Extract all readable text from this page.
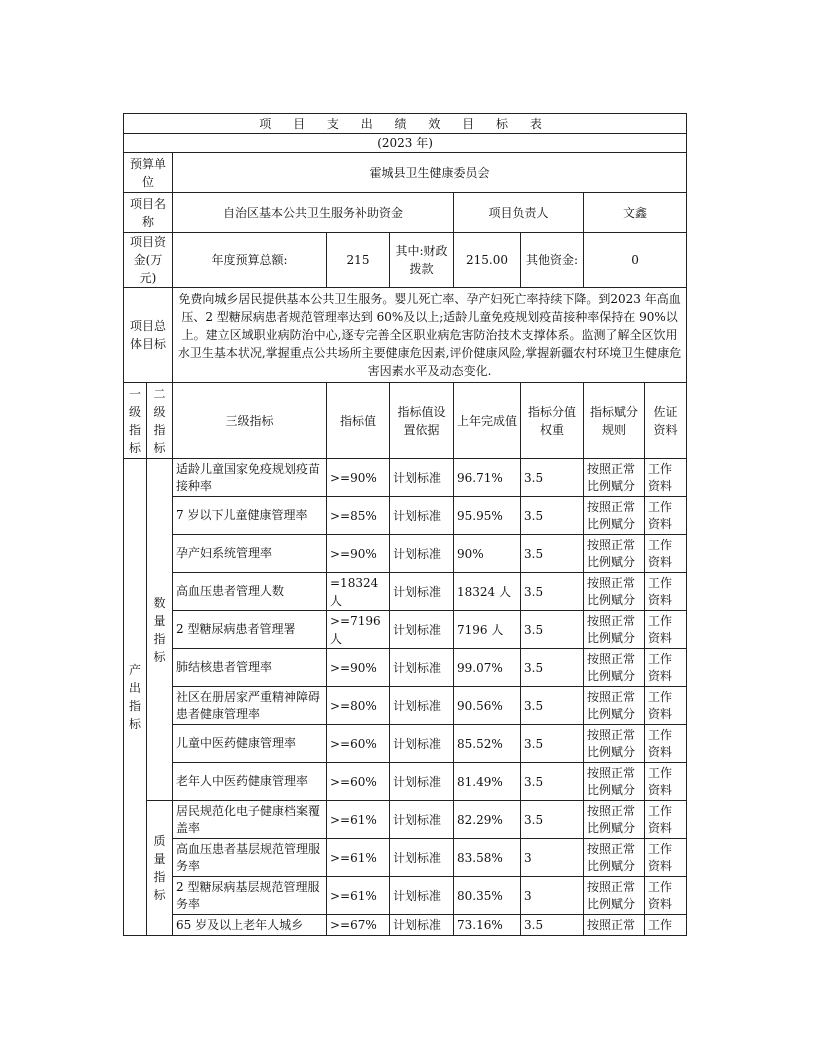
项 目 支 出 绩 效 目 标 表								
(2023 年)								
预算单位		霍城县卫生健康委员会						
项目名称		自治区基本公共卫生服务补助资金			项目负责人		文鑫	
项目资金(万元)		年度预算总额:	215	其中:财政拨款	215.00	其他资金:	0	
项目总体目标		免费向城乡居民提供基本公共卫生服务。婴儿死亡率、孕产妇死亡率持续下降。到2023 年高血压、2 型糖尿病患者规范管理率达到 60%及以上;适龄儿童免疫规划疫苗接种率保持在 90%以上。建立区域职业病防治中心,逐专完善全区职业病危害防治技术支撑体系。监测了解全区饮用水卫生基本状况,掌握重点公共场所主要健康危因素,评价健康风险,掌握新疆农村环境卫生健康危害因素水平及动态变化.						

一级指标	二级指标	三级指标	指标值	指标值设置依据	上年完成值	指标分值权重	指标赋分规则	佐证资料

产出指标	数量指标	适龄儿童国家免疫规划疫苗接种率	>=90%	计划标准	96.71%	3.5	按照正常比例赋分	工作资料
		7 岁以下儿童健康管理率	>=85%	计划标准	95.95%	3.5	按照正常比例赋分	工作资料
		孕产妇系统管理率	>=90%	计划标准	90%	3.5	按照正常比例赋分	工作资料
		高血压患者管理人数	=18324 人	计划标准	18324 人	3.5	按照正常比例赋分	工作资料
		2 型糖尿病患者管理署	>=7196 人	计划标准	7196 人	3.5	按照正常比例赋分	工作资料
		肺结核患者管理率	>=90%	计划标准	99.07%	3.5	按照正常比例赋分	工作资料
		社区在册居家严重精神障碍患者健康管理率	>=80%	计划标准	90.56%	3.5	按照正常比例赋分	工作资料
		儿童中医药健康管理率	>=60%	计划标准	85.52%	3.5	按照正常比例赋分	工作资料
		老年人中医药健康管理率	>=60%	计划标准	81.49%	3.5	按照正常比例赋分	工作资料

	质量指标	居民规范化电子健康档案覆盖率	>=61%	计划标准	82.29%	3.5	按照正常比例赋分	工作资料
		高血压患者基层规范管理服务率	>=61%	计划标准	83.58%	3	按照正常比例赋分	工作资料
		2 型糖尿病基层规范管理服务率	>=61%	计划标准	80.35%	3	按照正常比例赋分	工作资料
		65 岁及以上老年人城乡	>=67%	计划标准	73.16%	3.5	按照正常	工作
